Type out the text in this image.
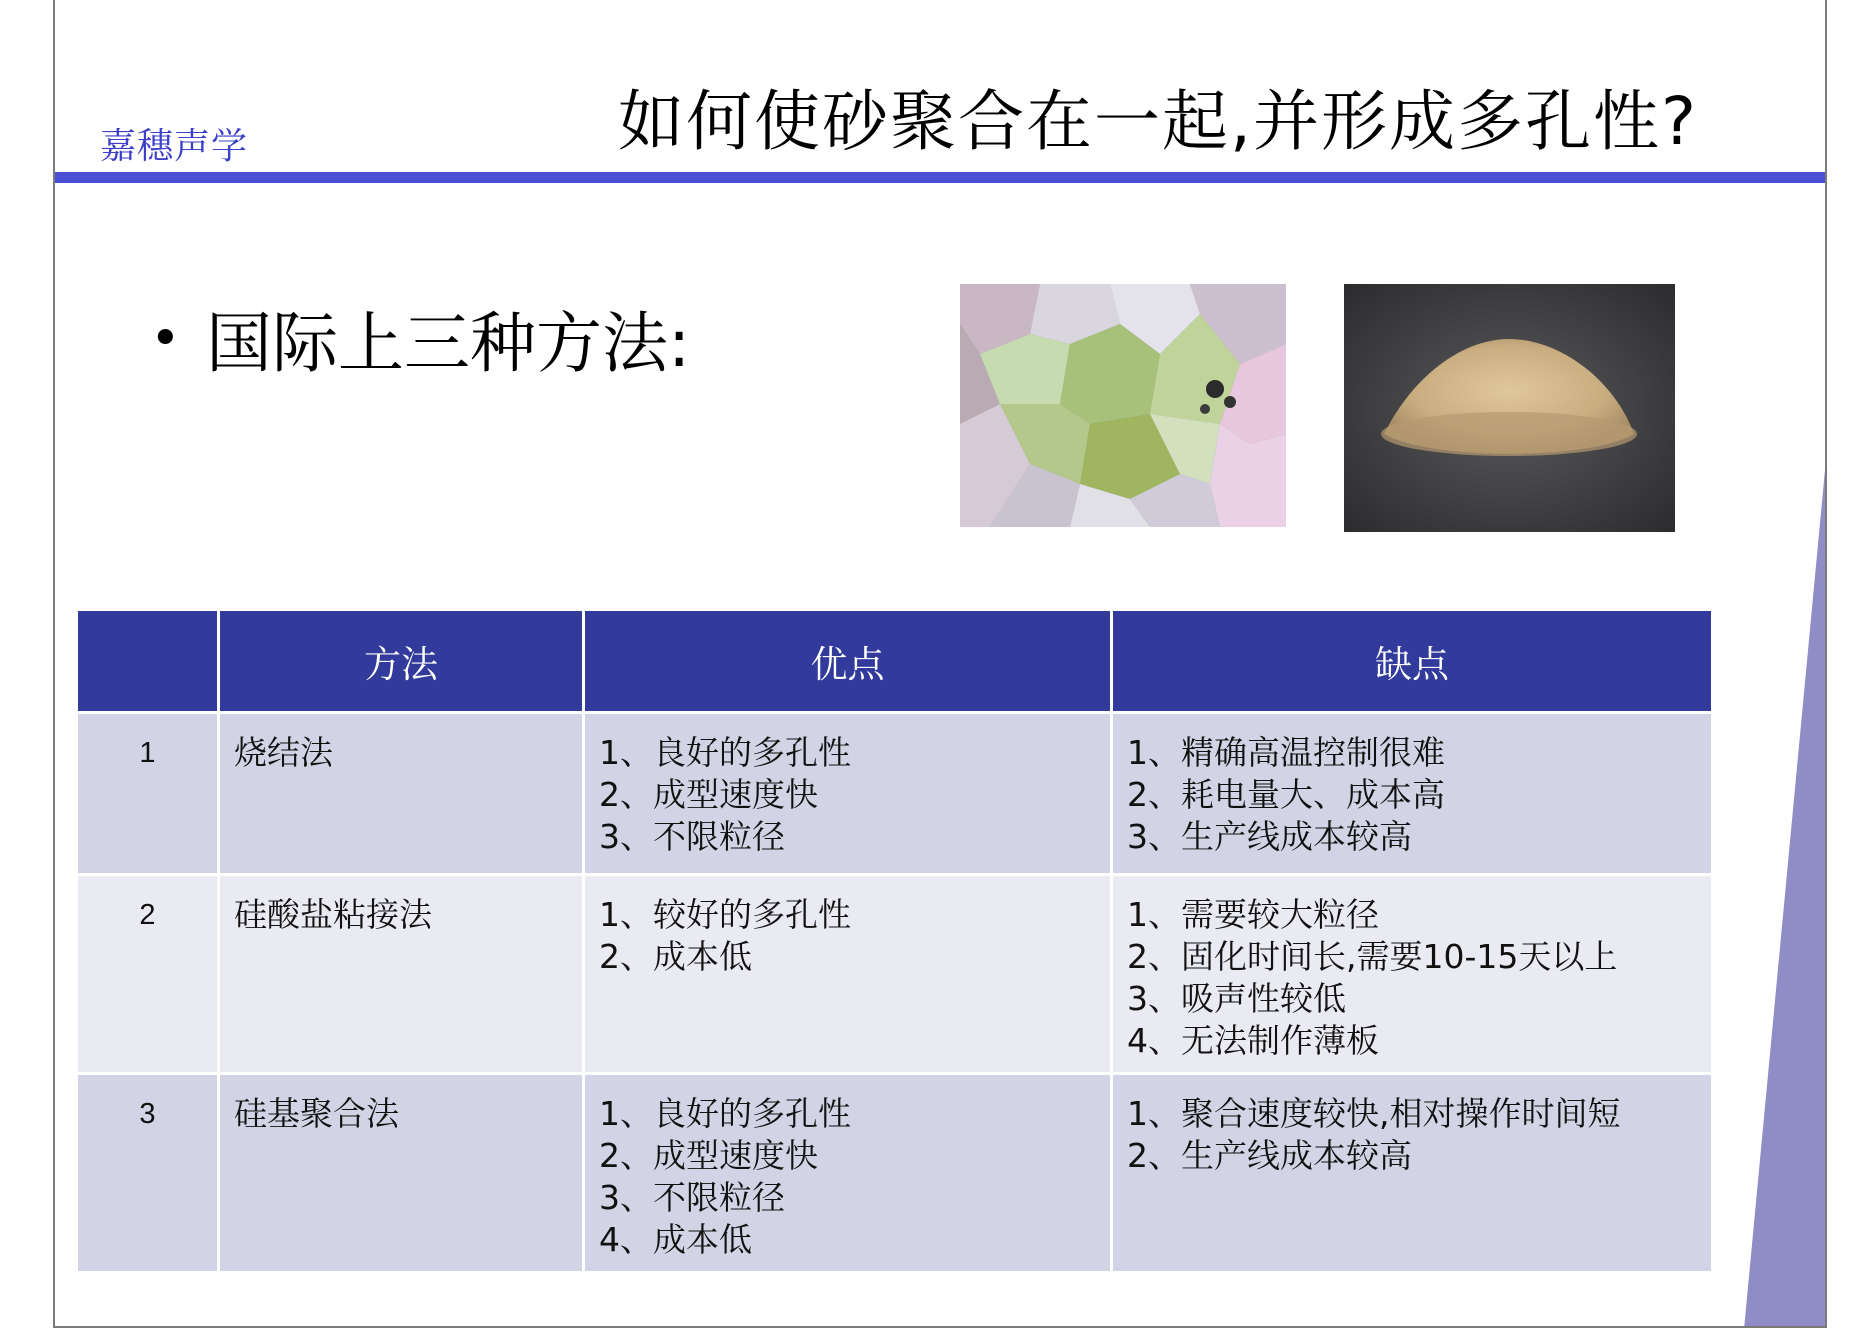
嘉穗声学	如何使砂聚合在一起,并形成多孔性?
• 国际上三种方法:
	方法	优点	缺点
1	烧结法	1、良好的多孔性
2、成型速度快
3、不限粒径	1、精确高温控制很难
2、耗电量大、成本高
3、生产线成本较高

2	硅酸盐粘接法	1、较好的多孔性
2、成本低	1、需要较大粒径
2、固化时间长,需要10-15天以上
3、吸声性较低
4、无法制作薄板

3	硅基聚合法	1、良好的多孔性
2、成型速度快
3、不限粒径
4、成本低	1、聚合速度较快,相对操作时间短
2、生产线成本较高
